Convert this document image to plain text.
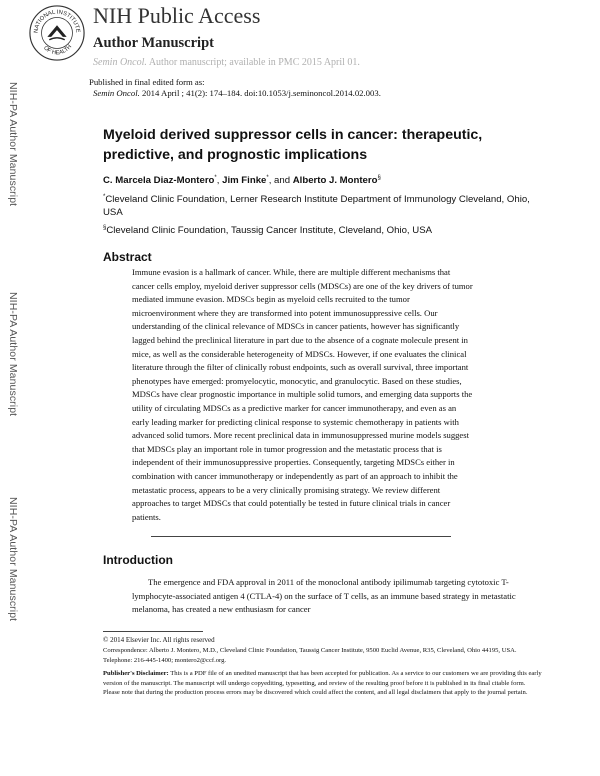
NATIONAL INSTITUTE
OF HEALTH
NIH Public Access
Author Manuscript
Semin Oncol. Author manuscript; available in PMC 2015 April 01.
Published in final edited form as:
Semin Oncol. 2014 April ; 41(2): 174–184. doi:10.1053/j.seminoncol.2014.02.003.
NIH-PA Author Manuscript
NIH-PA Author Manuscript
NIH-PA Author Manuscript
Myeloid derived suppressor cells in cancer: therapeutic, predictive, and prognostic implications
C. Marcela Diaz-Montero*, Jim Finke*, and Alberto J. Montero§
*Cleveland Clinic Foundation, Lerner Research Institute Department of Immunology Cleveland, Ohio, USA
§Cleveland Clinic Foundation, Taussig Cancer Institute, Cleveland, Ohio, USA
Abstract
Immune evasion is a hallmark of cancer. While, there are multiple different mechanisms that cancer cells employ, myeloid deriver suppressor cells (MDSCs) are one of the key drivers of tumor mediated immune evasion. MDSCs begin as myeloid cells recruited to the tumor microenvironment where they are transformed into potent immunosuppressive cells. Our understanding of the clinical relevance of MDSCs in cancer patients, however has significantly lagged behind the preclinical literature in part due to the absence of a cognate molecule present in mice, as well as the considerable heterogeneity of MDSCs. However, if one evaluates the clinical literature through the filter of clinically robust endpoints, such as overall survival, three important phenotypes have emerged: promyelocytic, monocytic, and granulocytic. Based on these studies, MDSCs have clear prognostic importance in multiple solid tumors, and emerging data supports the utility of circulating MDSCs as a predictive marker for cancer immunotherapy, and even as an early leading marker for predicting clinical response to systemic chemotherapy in patients with advanced solid tumors. More recent preclinical data in immunosuppressed murine models suggest that MDSCs play an important role in tumor progression and the metastatic process that is independent of their immunosuppressive properties. Consequently, targeting MDSCs either in combination with cancer immunotherapy or independently as part of an approach to inhibit the metastatic process, appears to be a very clinically promising strategy. We review different approaches to target MDSCs that could potentially be tested in future clinical trials in cancer patients.
Introduction
The emergence and FDA approval in 2011 of the monoclonal antibody ipilimumab targeting cytotoxic T-lymphocyte-associated antigen 4 (CTLA-4) on the surface of T cells, as an immune based strategy in metastatic melanoma, has created a new enthusiasm for cancer
© 2014 Elsevier Inc. All rights reserved
Correspondence: Alberto J. Montero, M.D., Cleveland Clinic Foundation, Taussig Cancer Institute, 9500 Euclid Avenue, R35, Cleveland, Ohio 44195, USA. Telephone: 216-445-1400; montero2@ccf.org.
Publisher's Disclaimer: This is a PDF file of an unedited manuscript that has been accepted for publication. As a service to our customers we are providing this early version of the manuscript. The manuscript will undergo copyediting, typesetting, and review of the resulting proof before it is published in its final citable form. Please note that during the production process errors may be discovered which could affect the content, and all legal disclaimers that apply to the journal pertain.
